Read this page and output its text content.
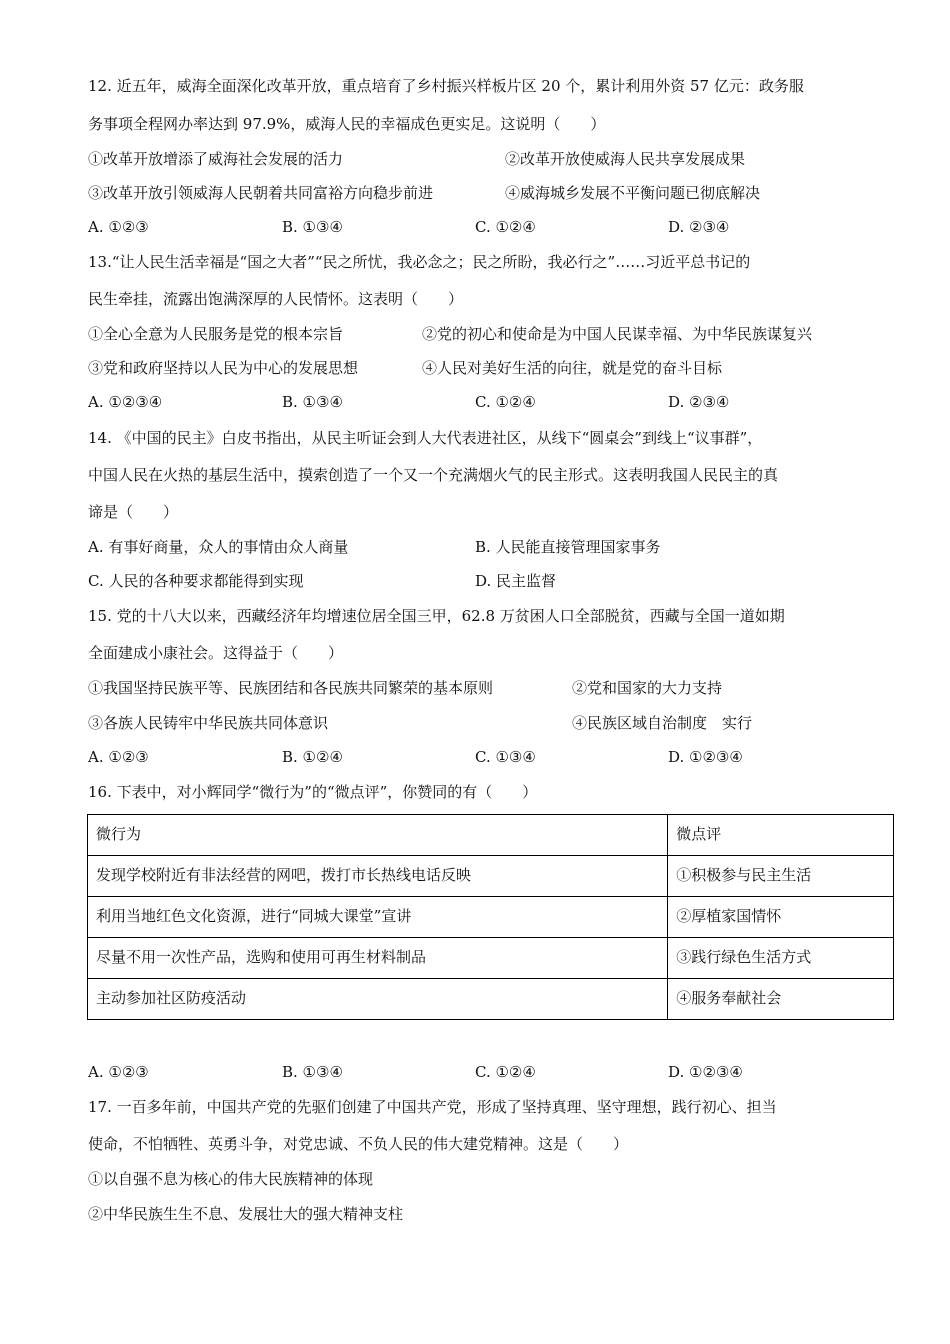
12. 近五年，威海全面深化改革开放，重点培育了乡村振兴样板片区 20 个，累计利用外资 57 亿元：政务服
务事项全程网办率达到 97.9%，威海人民的幸福成色更实足。这说明（　　）
①改革开放增添了威海社会发展的活力	②改革开放使威海人民共享发展成果
③改革开放引领威海人民朝着共同富裕方向稳步前进	④威海城乡发展不平衡问题已彻底解决
A. ①②③	B. ①③④	C. ①②④	D. ②③④
13.“让人民生活幸福是“国之大者”“民之所忧，我必念之；民之所盼，我必行之”……习近平总书记的
民生牵挂，流露出饱满深厚的人民情怀。这表明（　　）
①全心全意为人民服务是党的根本宗旨	②党的初心和使命是为中国人民谋幸福、为中华民族谋复兴
③党和政府坚持以人民为中心的发展思想	④人民对美好生活的向往，就是党的奋斗目标
A. ①②③④	B. ①③④	C. ①②④	D. ②③④
14. 《中国的民主》白皮书指出，从民主听证会到人大代表进社区，从线下“圆桌会”到线上“议事群”，
中国人民在火热的基层生活中，摸索创造了一个又一个充满烟火气的民主形式。这表明我国人民民主的真
谛是（　　）
A. 有事好商量，众人的事情由众人商量	B. 人民能直接管理国家事务
C. 人民的各种要求都能得到实现	D. 民主监督
15. 党的十八大以来，西藏经济年均增速位居全国三甲，62.8 万贫困人口全部脱贫，西藏与全国一道如期
全面建成小康社会。这得益于（　　）
①我国坚持民族平等、民族团结和各民族共同繁荣的基本原则	②党和国家的大力支持
③各族人民铸牢中华民族共同体意识	④民族区域自治制度　实行
A. ①②③	B. ①②④	C. ①③④	D. ①②③④
16. 下表中，对小辉同学“微行为”的“微点评”，你赞同的有（　　）
微行为	微点评
发现学校附近有非法经营的网吧，拨打市长热线电话反映	①积极参与民主生活
利用当地红色文化资源，进行“同城大课堂”宣讲	②厚植家国情怀
尽量不用一次性产品，选购和使用可再生材料制品	③践行绿色生活方式
主动参加社区防疫活动	④服务奉献社会
A. ①②③	B. ①③④	C. ①②④	D. ①②③④
17. 一百多年前，中国共产党的先驱们创建了中国共产党，形成了坚持真理、坚守理想，践行初心、担当
使命，不怕牺牲、英勇斗争，对党忠诚、不负人民的伟大建党精神。这是（　　）
①以自强不息为核心的伟大民族精神的体现
②中华民族生生不息、发展壮大的强大精神支柱
